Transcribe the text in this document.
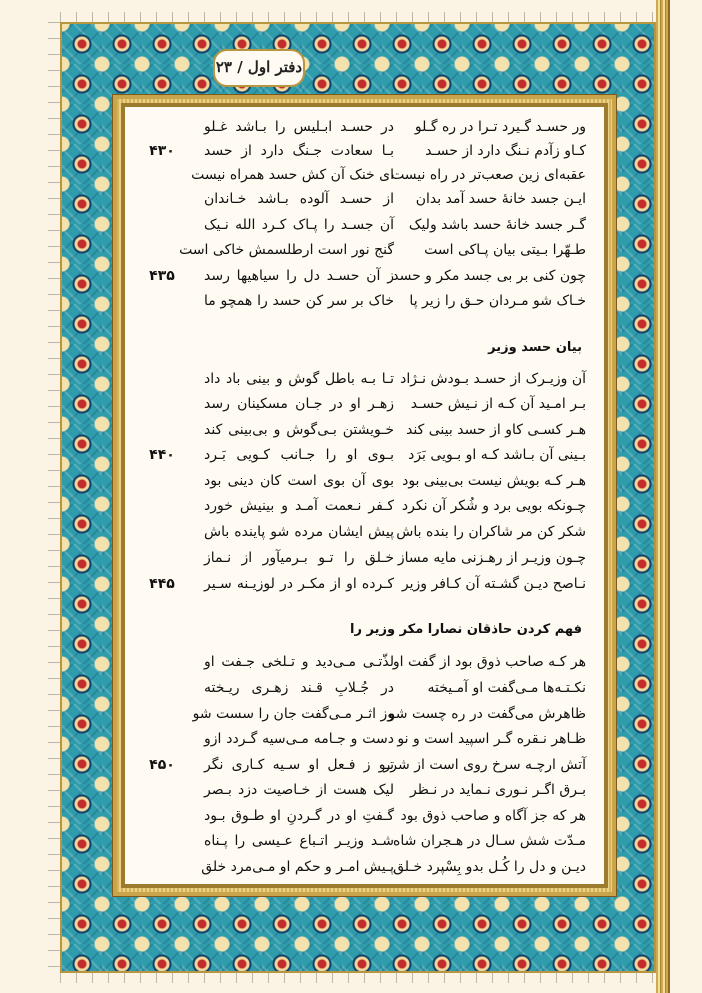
دفتر اول / ۲۳
ور حسـد گـیرد تـرا در ره گـلو
در حسـد ابـلیس را بـاشد غـلو
کـاو زآدم نـنگ دارد از حسـد
بـا سعادت جـنگ دارد از حسد
۴۳۰
عقبه‌ای زین صعب‌تر در راه نیست
ای خنک آن کش حسد همراه نیست
ایـن جسد خانۀ حسد آمد بدان
از حسـد آلوده بـاشد خـاندان
گـر جسد خانۀ حسد باشد ولیک
آن جسـد را پـاک کـرد الله نـیک
طـهّرا بـیتی بیان پـاکی است
گنج نور است ارطلسمش خاکی است
چون کنی بر بی جسد مکر و حسد
ز آن حسـد دل را سیاهیها رسد
۴۳۵
خـاک شو مـردان حـق را زیر پا
خاک بر سر کن حسد را همچو ما
بیان حسد وزیر
آن وزیـرک از حسـد بـودش نـژاد
تـا بـه باطل گوش و بینی باد داد
بـر امـید آن کـه از نـیش حسـد
زهـر او در جـان مسکینان رسد
هـر کسـی کاو از حسد بینی کند
خـویشتن بـی‌گوش و بی‌بینی کند
بـینی آن بـاشد کـه او بـویی بَرَد
بـوی او را جـانب کـویی بَـرد
۴۴۰
هـر کـه بویش نیست بی‌بینی بود
بوی آن بوی است کان دینی بود
چـونکه بویی برد و شُکر آن نکرد
کـفر نـعمت آمـد و بینیش خورد
شکر کن مر شاکران را بنده باش
پیش ایشان مرده شو پاینده باش
چـون وزیـر از رهـزنی مایه مساز
خـلق را تـو بـرمیآور از نـماز
نـاصح دیـن گشـته آن کـافر وزیر
کـرده او از مکـر در لوزیـنه سـیر
۴۴۵
فهم کردن حاذقان نصارا مکر وزیر را
هر کـه صاحب ذوق بود از گفت او
لذّتـی مـی‌دید و تـلخی جـفت او
نکـتـه‌ها مـی‌گفت او آمـیخته
در جُـلابِ قـند زهـری ریـخته
ظاهرش می‌گفت در ره چست شو
وز اثـر مـی‌گفت جان را سست شو
ظـاهر نـقره گـر اسپید است و نو
دست و جـامه مـی‌سیه گـردد ازو
آتش ارچـه سرخ روی است از شرر
تـو ز فـعل او سـیه کـاری نگر
۴۵۰
بـرق اگـر نـوری نـماید در نـظر
لیک هست از خـاصیت دزد بـصر
هر که جز آگاه و صاحب ذوق بود
گـفتِ او در گـردنِ او طـوق بـود
مـدّت شش سـال در هـجران شاه
شـد وزیـر اتـباع عـیسی را پـناه
دیـن و دل را کُـل بدو بِسْپرد خـلق
پـیش امـر و حکم او مـی‌مرد خلق
